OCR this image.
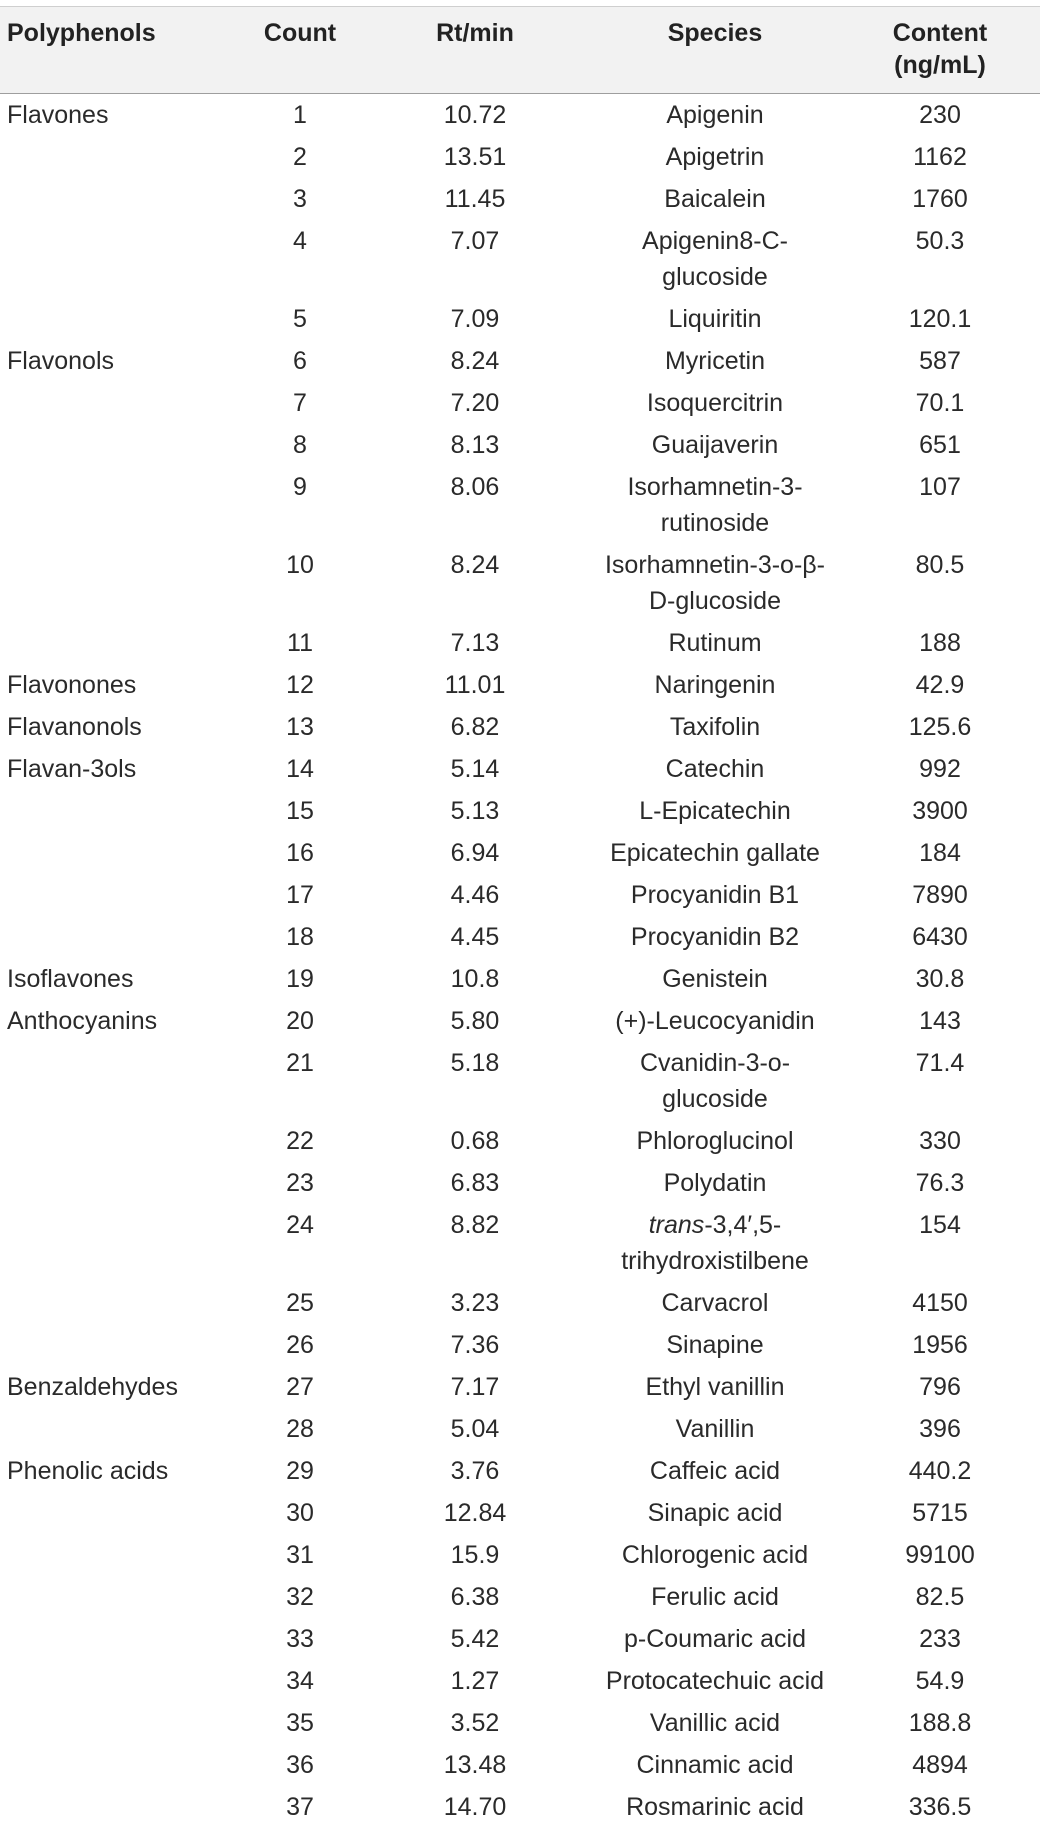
Polyphenols	Count	Rt/min	Species	Content
(ng/mL)

Flavones	1	10.72	Apigenin	230
	2	13.51	Apigetrin	1162
	3	11.45	Baicalein	1760
	4	7.07	Apigenin8-C-
glucoside	50.3
	5	7.09	Liquiritin	120.1
Flavonols	6	8.24	Myricetin	587
	7	7.20	Isoquercitrin	70.1
	8	8.13	Guaijaverin	651
	9	8.06	Isorhamnetin-3-
rutinoside	107
	10	8.24	Isorhamnetin-3-o-β-
D-glucoside	80.5
	11	7.13	Rutinum	188
Flavonones	12	11.01	Naringenin	42.9
Flavanonols	13	6.82	Taxifolin	125.6
Flavan-3ols	14	5.14	Catechin	992
	15	5.13	L-Epicatechin	3900
	16	6.94	Epicatechin gallate	184
	17	4.46	Procyanidin B1	7890
	18	4.45	Procyanidin B2	6430
Isoflavones	19	10.8	Genistein	30.8
Anthocyanins	20	5.80	(+)-Leucocyanidin	143
	21	5.18	Cvanidin-3-o-
glucoside	71.4
	22	0.68	Phloroglucinol	330
	23	6.83	Polydatin	76.3
	24	8.82	trans-3,4′,5-
trihydroxistilbene	154
	25	3.23	Carvacrol	4150
	26	7.36	Sinapine	1956
Benzaldehydes	27	7.17	Ethyl vanillin	796
	28	5.04	Vanillin	396
Phenolic acids	29	3.76	Caffeic acid	440.2
	30	12.84	Sinapic acid	5715
	31	15.9	Chlorogenic acid	99100
	32	6.38	Ferulic acid	82.5
	33	5.42	p-Coumaric acid	233
	34	1.27	Protocatechuic acid	54.9
	35	3.52	Vanillic acid	188.8
	36	13.48	Cinnamic acid	4894
	37	14.70	Rosmarinic acid	336.5
